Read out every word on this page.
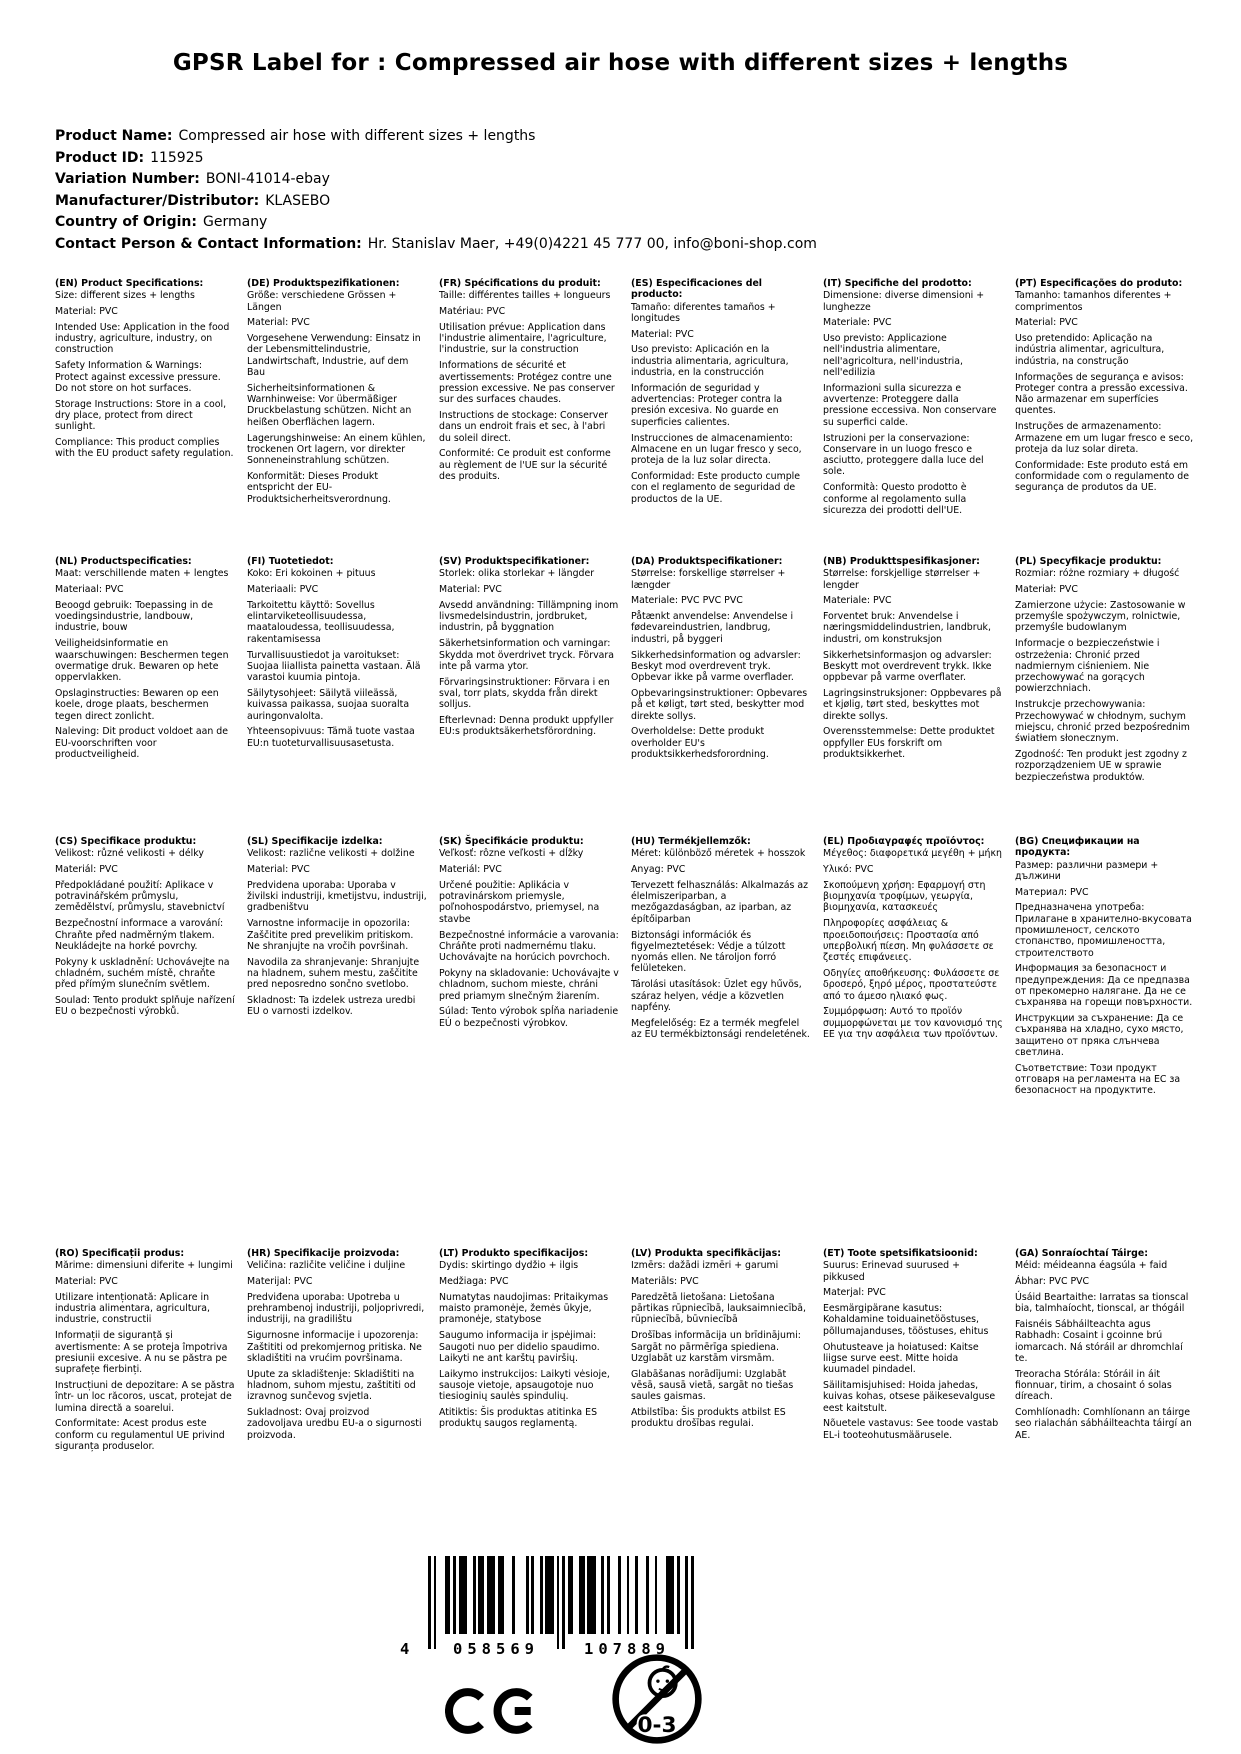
GPSR Label for : Compressed air hose with different sizes + lengths
Product Name: Compressed air hose with different sizes + lengths
Product ID: 115925
Variation Number: BONI-41014-ebay
Manufacturer/Distributor: KLASEBO
Country of Origin: Germany
Contact Person & Contact Information: Hr. Stanislav Maer, +49(0)4221 45 777 00, info@boni-shop.com
(EN) Product Specifications:

Size: different sizes + lengths

Material: PVC

Intended Use: Application in the food industry, agriculture, industry, on construction

Safety Information & Warnings: Protect against excessive pressure. Do not store on hot surfaces.

Storage Instructions: Store in a cool, dry place, protect from direct sunlight.

Compliance: This product complies with the EU product safety regulation.

(DE) Produktspezifikationen:

Größe: verschiedene Grössen + Längen

Material: PVC

Vorgesehene Verwendung: Einsatz in der Lebensmittelindustrie, Landwirtschaft, Industrie, auf dem Bau

Sicherheitsinformationen & Warnhinweise: Vor übermäßiger Druckbelastung schützen. Nicht an heißen Oberflächen lagern.

Lagerungshinweise: An einem kühlen, trockenen Ort lagern, vor direkter Sonneneinstrahlung schützen.

Konformität: Dieses Produkt entspricht der EU-Produktsicherheitsverordnung.

(FR) Spécifications du produit:

Taille: différentes tailles + longueurs

Matériau: PVC

Utilisation prévue: Application dans l'industrie alimentaire, l'agriculture, l'industrie, sur la construction

Informations de sécurité et avertissements: Protégez contre une pression excessive. Ne pas conserver sur des surfaces chaudes.

Instructions de stockage: Conserver dans un endroit frais et sec, à l'abri du soleil direct.

Conformité: Ce produit est conforme au règlement de l'UE sur la sécurité des produits.

(ES) Especificaciones del producto:

Tamaño: diferentes tamaños + longitudes

Material: PVC

Uso previsto: Aplicación en la industria alimentaria, agricultura, industria, en la construcción

Información de seguridad y advertencias: Proteger contra la presión excesiva. No guarde en superficies calientes.

Instrucciones de almacenamiento: Almacene en un lugar fresco y seco, proteja de la luz solar directa.

Conformidad: Este producto cumple con el reglamento de seguridad de productos de la UE.

(IT) Specifiche del prodotto:

Dimensione: diverse dimensioni + lunghezze

Materiale: PVC

Uso previsto: Applicazione nell'industria alimentare, nell'agricoltura, nell'industria, nell'edilizia

Informazioni sulla sicurezza e avvertenze: Proteggere dalla pressione eccessiva. Non conservare su superfici calde.

Istruzioni per la conservazione: Conservare in un luogo fresco e asciutto, proteggere dalla luce del sole.

Conformità: Questo prodotto è conforme al regolamento sulla sicurezza dei prodotti dell'UE.

(PT) Especificações do produto:

Tamanho: tamanhos diferentes + comprimentos

Material: PVC

Uso pretendido: Aplicação na indústria alimentar, agricultura, indústria, na construção

Informações de segurança e avisos: Proteger contra a pressão excessiva. Não armazenar em superfícies quentes.

Instruções de armazenamento: Armazene em um lugar fresco e seco, proteja da luz solar direta.

Conformidade: Este produto está em conformidade com o regulamento de segurança de produtos da UE.

(NL) Productspecificaties:

Maat: verschillende maten + lengtes

Materiaal: PVC

Beoogd gebruik: Toepassing in de voedingsindustrie, landbouw, industrie, bouw

Veiligheidsinformatie en waarschuwingen: Beschermen tegen overmatige druk. Bewaren op hete oppervlakken.

Opslaginstructies: Bewaren op een koele, droge plaats, beschermen tegen direct zonlicht.

Naleving: Dit product voldoet aan de EU-voorschriften voor productveiligheid.

(FI) Tuotetiedot:

Koko: Eri kokoinen + pituus

Materiaali: PVC

Tarkoitettu käyttö: Sovellus elintarviketeollisuudessa, maataloudessa, teollisuudessa, rakentamisessa

Turvallisuustiedot ja varoitukset: Suojaa liiallista painetta vastaan. Älä varastoi kuumia pintoja.

Säilytysohjeet: Säilytä viileässä, kuivassa paikassa, suojaa suoralta auringonvalolta.

Yhteensopivuus: Tämä tuote vastaa EU:n tuoteturvallisuusasetusta.

(SV) Produktspecifikationer:

Storlek: olika storlekar + längder

Material: PVC

Avsedd användning: Tillämpning inom livsmedelsindustrin, jordbruket, industrin, på byggnation

Säkerhetsinformation och varningar: Skydda mot överdrivet tryck. Förvara inte på varma ytor.

Förvaringsinstruktioner: Förvara i en sval, torr plats, skydda från direkt solljus.

Efterlevnad: Denna produkt uppfyller EU:s produktsäkerhetsförordning.

(DA) Produktspecifikationer:

Størrelse: forskellige størrelser + længder

Materiale: PVC PVC PVC

Påtænkt anvendelse: Anvendelse i fødevareindustrien, landbrug, industri, på byggeri

Sikkerhedsinformation og advarsler: Beskyt mod overdrevent tryk. Opbevar ikke på varme overflader.

Opbevaringsinstruktioner: Opbevares på et køligt, tørt sted, beskytter mod direkte sollys.

Overholdelse: Dette produkt overholder EU's produktsikkerhedsforordning.

(NB) Produkttspesifikasjoner:

Størrelse: forskjellige størrelser + lengder

Materiale: PVC

Forventet bruk: Anvendelse i næringsmiddelindustrien, landbruk, industri, om konstruksjon

Sikkerhetsinformasjon og advarsler: Beskytt mot overdrevent trykk. Ikke oppbevar på varme overflater.

Lagringsinstruksjoner: Oppbevares på et kjølig, tørt sted, beskyttes mot direkte sollys.

Overensstemmelse: Dette produktet oppfyller EUs forskrift om produktsikkerhet.

(PL) Specyfikacje produktu:

Rozmiar: różne rozmiary + długość

Materiał: PVC

Zamierzone użycie: Zastosowanie w przemyśle spożywczym, rolnictwie, przemyśle budowlanym

Informacje o bezpieczeństwie i ostrzeżenia: Chronić przed nadmiernym ciśnieniem. Nie przechowywać na gorących powierzchniach.

Instrukcje przechowywania: Przechowywać w chłodnym, suchym miejscu, chronić przed bezpośrednim światłem słonecznym.

Zgodność: Ten produkt jest zgodny z rozporządzeniem UE w sprawie bezpieczeństwa produktów.

(CS) Specifikace produktu:

Velikost: různé velikosti + délky

Materiál: PVC

Předpokládané použití: Aplikace v potravinářském průmyslu, zemědělství, průmyslu, stavebnictví

Bezpečnostní informace a varování: Chraňte před nadměrným tlakem. Neukládejte na horké povrchy.

Pokyny k uskladnění: Uchovávejte na chladném, suchém místě, chraňte před přímým slunečním světlem.

Soulad: Tento produkt splňuje nařízení EU o bezpečnosti výrobků.

(SL) Specifikacije izdelka:

Velikost: različne velikosti + dolžine

Material: PVC

Predvidena uporaba: Uporaba v živilski industriji, kmetijstvu, industriji, gradbeništvu

Varnostne informacije in opozorila: Zaščitite pred prevelikim pritiskom. Ne shranjujte na vročih površinah.

Navodila za shranjevanje: Shranjujte na hladnem, suhem mestu, zaščitite pred neposredno sončno svetlobo.

Skladnost: Ta izdelek ustreza uredbi EU o varnosti izdelkov.

(SK) Špecifikácie produktu:

Veľkosť: rôzne veľkosti + dĺžky

Materiál: PVC

Určené použitie: Aplikácia v potravinárskom priemysle, poľnohospodárstvo, priemysel, na stavbe

Bezpečnostné informácie a varovania: Chráňte proti nadmernému tlaku. Uchovávajte na horúcich povrchoch.

Pokyny na skladovanie: Uchovávajte v chladnom, suchom mieste, chráni pred priamym slnečným žiarením.

Súlad: Tento výrobok spĺňa nariadenie EÚ o bezpečnosti výrobkov.

(HU) Termékjellemzők:

Méret: különböző méretek + hosszok

Anyag: PVC

Tervezett felhasználás: Alkalmazás az élelmiszeriparban, a mezőgazdaságban, az iparban, az építőiparban

Biztonsági információk és figyelmeztetések: Védje a túlzott nyomás ellen. Ne tároljon forró felületeken.

Tárolási utasítások: Üzlet egy hűvös, száraz helyen, védje a közvetlen napfény.

Megfelelőség: Ez a termék megfelel az EU termékbiztonsági rendeletének.

(EL) Προδιαγραφές προϊόντος:

Μέγεθος: διαφορετικά μεγέθη + μήκη

Υλικό: PVC

Σκοπούμενη χρήση: Εφαρμογή στη βιομηχανία τροφίμων, γεωργία, βιομηχανία, κατασκευές

Πληροφορίες ασφάλειας & προειδοποιήσεις: Προστασία από υπερβολική πίεση. Μη φυλάσσετε σε ζεστές επιφάνειες.

Οδηγίες αποθήκευσης: Φυλάσσετε σε δροσερό, ξηρό μέρος, προστατεύστε από το άμεσο ηλιακό φως.

Συμμόρφωση: Αυτό το προϊόν συμμορφώνεται με τον κανονισμό της ΕΕ για την ασφάλεια των προϊόντων.

(BG) Спецификации на продукта:

Размер: различни размери + дължини

Материал: PVC

Предназначена употреба: Прилагане в хранително-вкусовата промишленост, селското стопанство, промишлеността, строителството

Информация за безопасност и предупреждения: Да се предпазва от прекомерно налягане. Да не се съхранява на горещи повърхности.

Инструкции за съхранение: Да се съхранява на хладно, сухо място, защитено от пряка слънчева светлина.

Съответствие: Този продукт отговаря на регламента на ЕС за безопасност на продуктите.

(RO) Specificații produs:

Mărime: dimensiuni diferite + lungimi

Material: PVC

Utilizare intenționată: Aplicare in industria alimentara, agricultura, industrie, constructii

Informații de siguranță și avertismente: A se proteja împotriva presiunii excesive. A nu se păstra pe suprafețe fierbinți.

Instrucțiuni de depozitare: A se păstra într- un loc răcoros, uscat, protejat de lumina directă a soarelui.

Conformitate: Acest produs este conform cu regulamentul UE privind siguranța produselor.

(HR) Specifikacije proizvoda:

Veličina: različite veličine i duljine

Materijal: PVC

Predviđena uporaba: Upotreba u prehrambenoj industriji, poljoprivredi, industriji, na gradilištu

Sigurnosne informacije i upozorenja: Zaštititi od prekomjernog pritiska. Ne skladištiti na vrućim površinama.

Upute za skladištenje: Skladištiti na hladnom, suhom mjestu, zaštititi od izravnog sunčevog svjetla.

Sukladnost: Ovaj proizvod zadovoljava uredbu EU-a o sigurnosti proizvoda.

(LT) Produkto specifikacijos:

Dydis: skirtingo dydžio + ilgis

Medžiaga: PVC

Numatytas naudojimas: Pritaikymas maisto pramonėje, žemės ūkyje, pramonėje, statybose

Saugumo informacija ir įspėjimai: Saugoti nuo per didelio spaudimo. Laikyti ne ant karštų paviršių.

Laikymo instrukcijos: Laikyti vėsioje, sausoje vietoje, apsaugotoje nuo tiesioginių saulės spindulių.

Atitiktis: Šis produktas atitinka ES produktų saugos reglamentą.

(LV) Produkta specifikācijas:

Izmērs: dažādi izmēri + garumi

Materiāls: PVC

Paredzētā lietošana: Lietošana pārtikas rūpniecībā, lauksaimniecībā, rūpniecībā, būvniecībā

Drošības informācija un brīdinājumi: Sargāt no pārmērīga spiediena. Uzglabāt uz karstām virsmām.

Glabāšanas norādījumi: Uzglabāt vēsā, sausā vietā, sargāt no tiešas saules gaismas.

Atbilstība: Šis produkts atbilst ES produktu drošības regulai.

(ET) Toote spetsifikatsioonid:

Suurus: Erinevad suurused + pikkused

Materjal: PVC

Eesmärgipärane kasutus: Kohaldamine toiduainetööstuses, põllumajanduses, tööstuses, ehitus

Ohutusteave ja hoiatused: Kaitse liigse surve eest. Mitte hoida kuumadel pindadel.

Säilitamisjuhised: Hoida jahedas, kuivas kohas, otsese päikesevalguse eest kaitstult.

Nõuetele vastavus: See toode vastab EL-i tooteohutusmäärusele.

(GA) Sonraíochtaí Táirge:

Méid: méideanna éagsúla + faid

Ábhar: PVC PVC

Úsáid Beartaithe: Iarratas sa tionscal bia, talmhaíocht, tionscal, ar thógáil

Faisnéis Sábháilteachta agus Rabhadh: Cosaint i gcoinne brú iomarcach. Ná stóráil ar dhromchlaí te.

Treoracha Stórála: Stóráil in áit fionnuar, tirim, a chosaint ó solas díreach.

Comhlíonadh: Comhlíonann an táirge seo rialachán sábháilteachta táirgí an AE.

4	058569	107889
0-3
